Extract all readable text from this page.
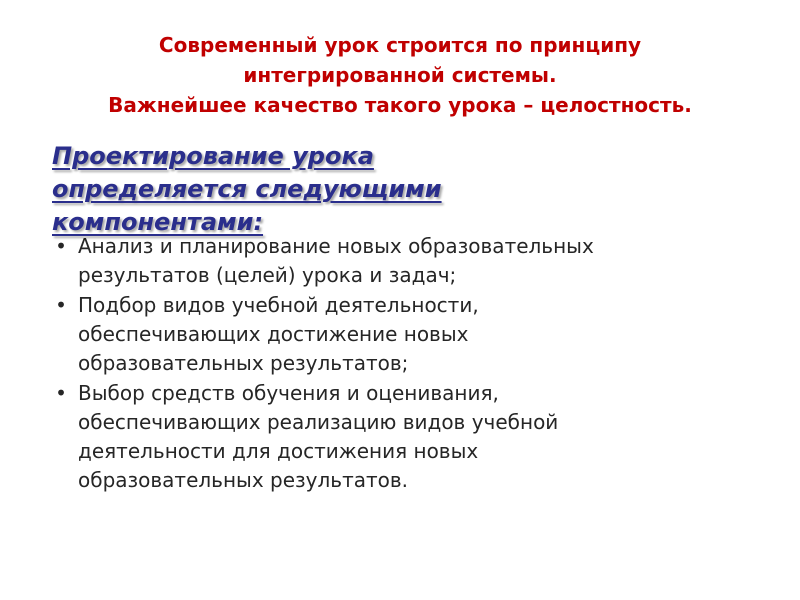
Современный урок строится по принципу
интегрированной системы.
Важнейшее качество такого урока – целостность.
Проектирование урока
определяется следующими
компонентами:
• Анализ и планирование новых образовательных
результатов (целей) урока и задач;
• Подбор видов учебной деятельности,
обеспечивающих достижение новых
образовательных результатов;
• Выбор средств обучения и оценивания,
обеспечивающих реализацию видов учебной
деятельности для достижения новых
образовательных результатов.
